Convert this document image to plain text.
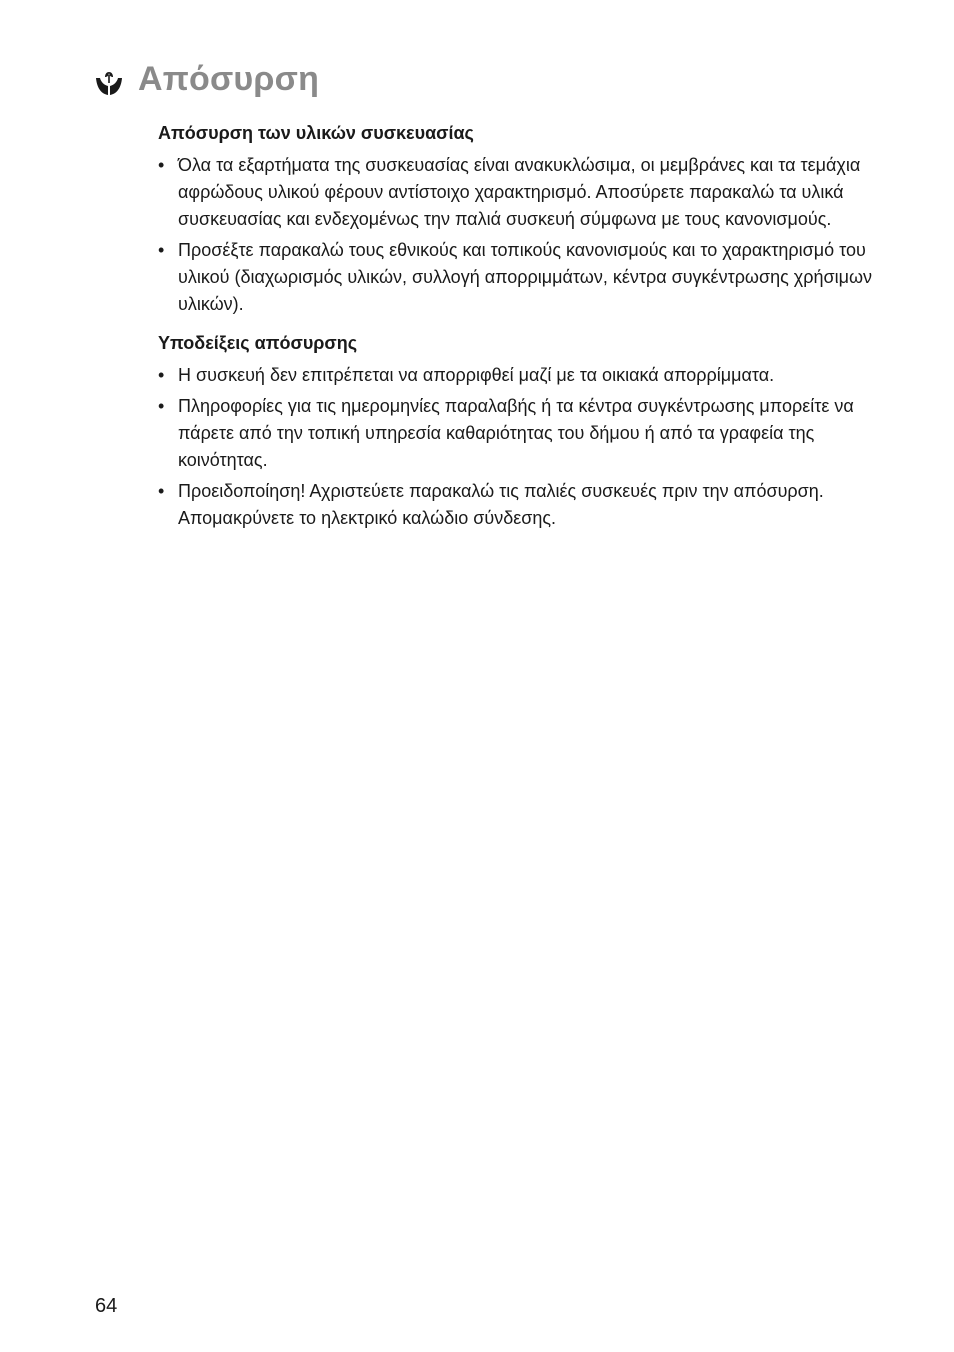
Απόσυρση
Απόσυρση των υλικών συσκευασίας
• Όλα τα εξαρτήματα της συσκευασίας είναι ανακυκλώσιμα, οι μεμβράνες και τα τεμάχια αφρώδους υλικού φέρουν αντίστοιχο χαρακτηρισμό. Αποσύρετε παρακαλώ τα υλικά συσκευασίας και ενδεχομένως την παλιά συσκευή σύμφωνα με τους κανονισμούς.
• Προσέξτε παρακαλώ τους εθνικούς και τοπικούς κανονισμούς και το χαρακτηρισμό του υλικού (διαχωρισμός υλικών, συλλογή απορριμμάτων, κέντρα συγκέντρωσης χρήσιμων υλικών).
Υποδείξεις απόσυρσης
• Η συσκευή δεν επιτρέπεται να απορριφθεί μαζί με τα οικιακά απορρίμματα.
• Πληροφορίες για τις ημερομηνίες παραλαβής ή τα κέντρα συγκέντρωσης μπορείτε να πάρετε από την τοπική υπηρεσία καθαριότητας του δήμου ή από τα γραφεία της κοινότητας.
• Προειδοποίηση! Αχριστεύετε παρακαλώ τις παλιές συσκευές πριν την απόσυρση. Απομακρύνετε το ηλεκτρικό καλώδιο σύνδεσης.
64
